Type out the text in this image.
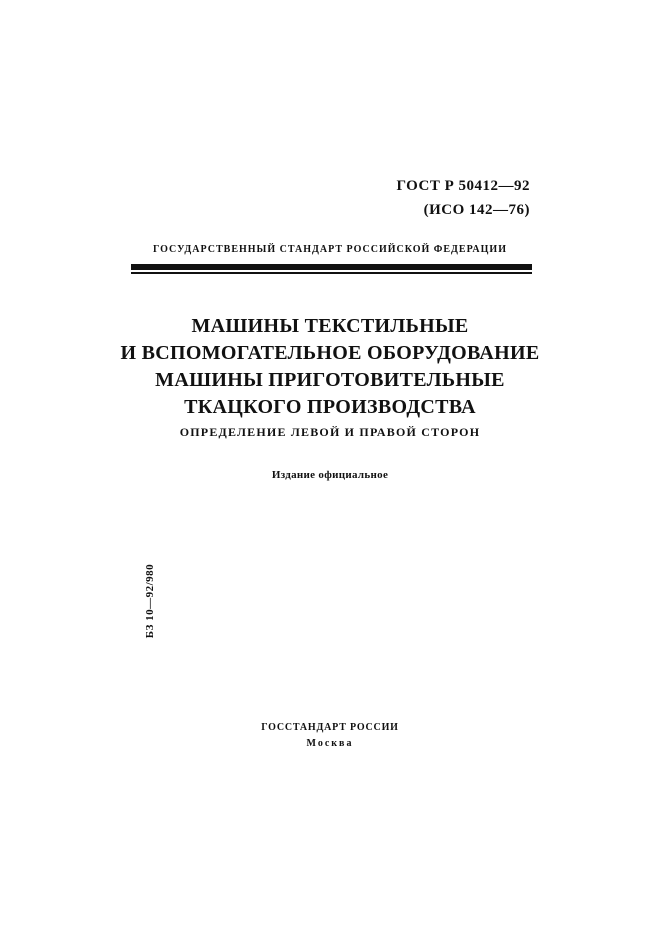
ГОСТ Р 50412—92
(ИСО 142—76)
ГОСУДАРСТВЕННЫЙ СТАНДАРТ РОССИЙСКОЙ ФЕДЕРАЦИИ
МАШИНЫ ТЕКСТИЛЬНЫЕ
И ВСПОМОГАТЕЛЬНОЕ ОБОРУДОВАНИЕ
МАШИНЫ ПРИГОТОВИТЕЛЬНЫЕ
ТКАЦКОГО ПРОИЗВОДСТВА
ОПРЕДЕЛЕНИЕ ЛЕВОЙ И ПРАВОЙ СТОРОН
Издание официальное
БЗ 10—92/980
ГОССТАНДАРТ РОССИИ
Москва
